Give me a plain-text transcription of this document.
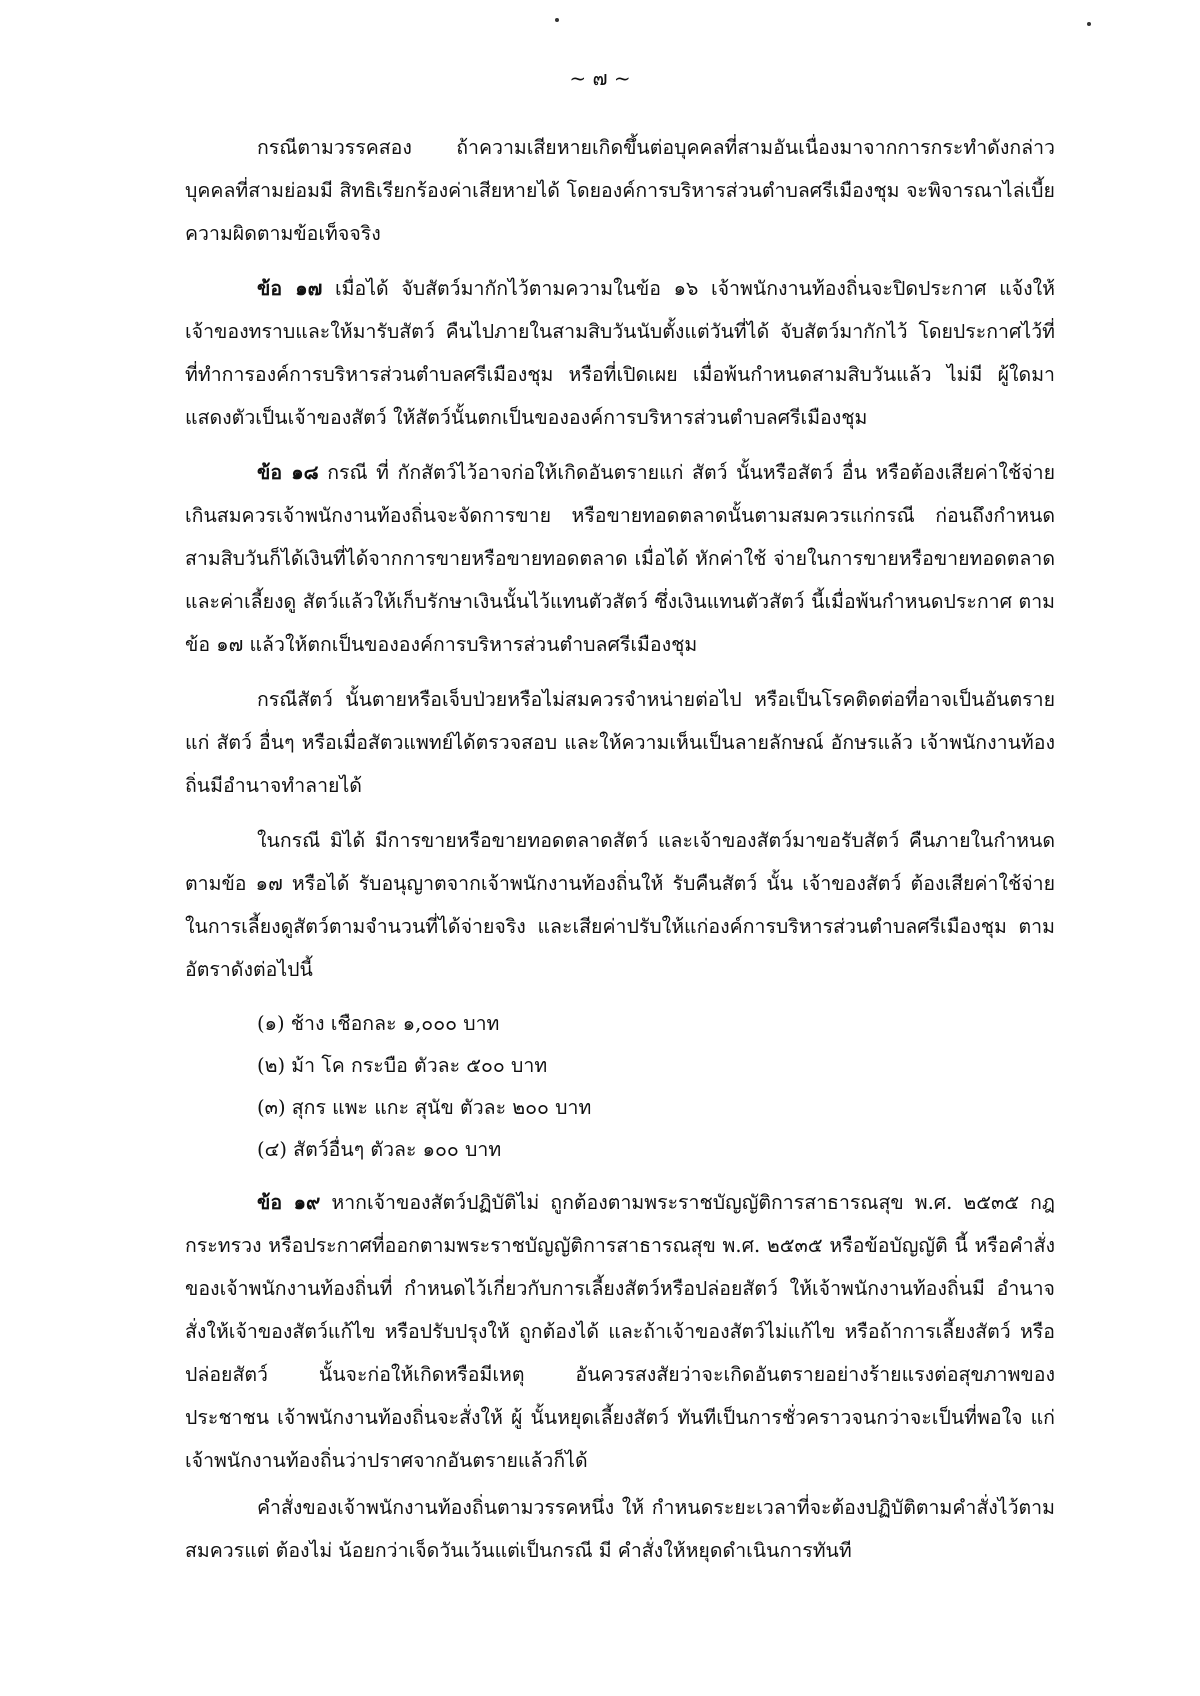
~ ๗ ~

กรณีตามวรรคสอง ถ้าความเสียหายเกิดขึ้นต่อบุคคลที่สามอันเนื่องมาจากการกระทำดังกล่าว บุคคลที่สามย่อมมี สิทธิเรียกร้องค่าเสียหายได้ โดยองค์การบริหารส่วนตำบลศรีเมืองชุม จะพิจารณาไล่เบี้ย ความผิดตามข้อเท็จจริง

ข้อ ๑๗ เมื่อได้ จับสัตว์มากักไว้ตามความในข้อ ๑๖ เจ้าพนักงานท้องถิ่นจะปิดประกาศ แจ้งให้เจ้าของทราบและให้มารับสัตว์ คืนไปภายในสามสิบวันนับตั้งแต่วันที่ได้ จับสัตว์มากักไว้ โดยประกาศไว้ที่ที่ทำการองค์การบริหารส่วนตำบลศรีเมืองชุม หรือที่เปิดเผย เมื่อพ้นกำหนดสามสิบวันแล้ว ไม่มี ผู้ใดมาแสดงตัวเป็นเจ้าของสัตว์ ให้สัตว์นั้นตกเป็นขององค์การบริหารส่วนตำบลศรีเมืองชุม

ข้อ ๑๘ กรณี ที่ กักสัตว์ไว้อาจก่อให้เกิดอันตรายแก่ สัตว์ นั้นหรือสัตว์ อื่น หรือต้องเสียค่าใช้จ่าย เกินสมควรเจ้าพนักงานท้องถิ่นจะจัดการขาย หรือขายทอดตลาดนั้นตามสมควรแก่กรณี ก่อนถึงกำหนด สามสิบวันก็ได้เงินที่ได้จากการขายหรือขายทอดตลาด เมื่อได้ หักค่าใช้ จ่ายในการขายหรือขายทอดตลาด และค่าเลี้ยงดู สัตว์แล้วให้เก็บรักษาเงินนั้นไว้แทนตัวสัตว์ ซึ่งเงินแทนตัวสัตว์ นี้เมื่อพ้นกำหนดประกาศ ตามข้อ ๑๗ แล้วให้ตกเป็นขององค์การบริหารส่วนตำบลศรีเมืองชุม

กรณีสัตว์ นั้นตายหรือเจ็บป่วยหรือไม่สมควรจำหน่ายต่อไป หรือเป็นโรคติดต่อที่อาจเป็นอันตรายแก่ สัตว์ อื่นๆ หรือเมื่อสัตวแพทย์ได้ตรวจสอบ และให้ความเห็นเป็นลายลักษณ์ อักษรแล้ว เจ้าพนักงานท้องถิ่นมีอำนาจทำลายได้

ในกรณี มิได้ มีการขายหรือขายทอดตลาดสัตว์ และเจ้าของสัตว์มาขอรับสัตว์ คืนภายในกำหนดตามข้อ ๑๗ หรือได้ รับอนุญาตจากเจ้าพนักงานท้องถิ่นให้ รับคืนสัตว์ นั้น เจ้าของสัตว์ ต้องเสียค่าใช้จ่ายในการเลี้ยงดูสัตว์ตามจำนวนที่ได้จ่ายจริง และเสียค่าปรับให้แก่องค์การบริหารส่วนตำบลศรีเมืองชุม ตามอัตราดังต่อไปนี้

(๑) ช้าง เชือกละ ๑,๐๐๐ บาท
(๒) ม้า โค กระบือ ตัวละ ๕๐๐ บาท
(๓) สุกร แพะ แกะ สุนัข ตัวละ ๒๐๐ บาท
(๔) สัตว์อื่นๆ ตัวละ ๑๐๐ บาท

ข้อ ๑๙ หากเจ้าของสัตว์ปฏิบัติไม่ ถูกต้องตามพระราชบัญญัติการสาธารณสุข พ.ศ. ๒๕๓๕ กฎกระทรวง หรือประกาศที่ออกตามพระราชบัญญัติการสาธารณสุข พ.ศ. ๒๕๓๕ หรือข้อบัญญัติ นี้ หรือคำสั่งของเจ้าพนักงานท้องถิ่นที่ กำหนดไว้เกี่ยวกับการเลี้ยงสัตว์หรือปล่อยสัตว์ ให้เจ้าพนักงานท้องถิ่นมี อำนาจสั่งให้เจ้าของสัตว์แก้ไข หรือปรับปรุงให้ ถูกต้องได้ และถ้าเจ้าของสัตว์ไม่แก้ไข หรือถ้าการเลี้ยงสัตว์ หรือปล่อยสัตว์ นั้นจะก่อให้เกิดหรือมีเหตุ อันควรสงสัยว่าจะเกิดอันตรายอย่างร้ายแรงต่อสุขภาพของ ประชาชน เจ้าพนักงานท้องถิ่นจะสั่งให้ ผู้ นั้นหยุดเลี้ยงสัตว์ ทันทีเป็นการชั่วคราวจนกว่าจะเป็นที่พอใจ แก่ เจ้าพนักงานท้องถิ่นว่าปราศจากอันตรายแล้วก็ได้

คำสั่งของเจ้าพนักงานท้องถิ่นตามวรรคหนึ่ง ให้ กำหนดระยะเวลาที่จะต้องปฏิบัติตามคำสั่งไว้ตามสมควรแต่ ต้องไม่ น้อยกว่าเจ็ดวันเว้นแต่เป็นกรณี มี คำสั่งให้หยุดดำเนินการทันที
